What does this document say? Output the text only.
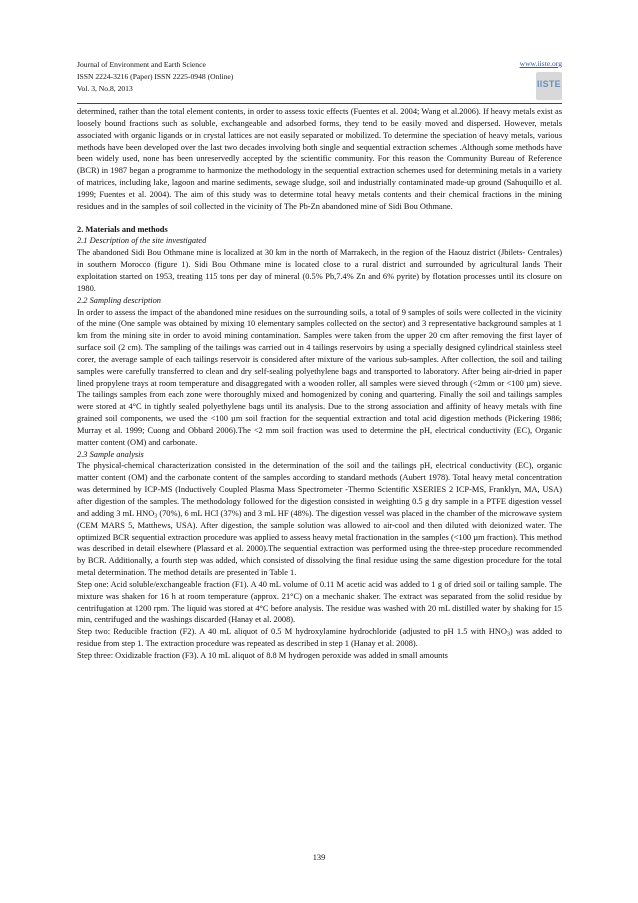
Journal of Environment and Earth Science
ISSN 2224-3216 (Paper) ISSN 2225-0948 (Online)
Vol. 3, No.8, 2013
www.iiste.org
IISTE

determined, rather than the total element contents, in order to assess toxic effects (Fuentes et al. 2004; Wang et al.2006). If heavy metals exist as loosely bound fractions such as soluble, exchangeable and adsorbed forms, they tend to be easily moved and dispersed. However, metals associated with organic ligands or in crystal lattices are not easily separated or mobilized. To determine the speciation of heavy metals, various methods have been developed over the last two decades involving both single and sequential extraction schemes .Although some methods have been widely used, none has been unreservedly accepted by the scientific community. For this reason the Community Bureau of Reference (BCR) in 1987 began a programme to harmonize the methodology in the sequential extraction schemes used for determining metals in a variety of matrices, including lake, lagoon and marine sediments, sewage sludge, soil and industrially contaminated made-up ground (Sahuquillo et al. 1999; Fuentes et al. 2004). The aim of this study was to determine total heavy metals contents and their chemical fractions in the mining residues and in the samples of soil collected in the vicinity of The Pb-Zn abandoned mine of Sidi Bou Othmane.

2. Materials and methods

2.1 Description of the site investigated

The abandoned Sidi Bou Othmane mine is localized at 30 km in the north of Marrakech, in the region of the Haouz district (Jbilets- Centrales) in southern Morocco (figure 1). Sidi Bou Othmane mine is located close to a rural district and surrounded by agricultural lands Their exploitation started on 1953, treating 115 tons per day of mineral (0.5% Pb,7.4% Zn and 6% pyrite) by flotation processes until its closure on 1980.

2.2 Sampling description

In order to assess the impact of the abandoned mine residues on the surrounding soils, a total of 9 samples of soils were collected in the vicinity of the mine (One sample was obtained by mixing 10 elementary samples collected on the sector) and 3 representative background samples at 1 km from the mining site in order to avoid mining contamination. Samples were taken from the upper 20 cm after removing the first layer of surface soil (2 cm). The sampling of the tailings was carried out in 4 tailings reservoirs by using a specially designed cylindrical stainless steel corer, the average sample of each tailings reservoir is considered after mixture of the various sub-samples. After collection, the soil and tailing samples were carefully transferred to clean and dry self-sealing polyethylene bags and transported to laboratory. After being air-dried in paper lined propylene trays at room temperature and disaggregated with a wooden roller, all samples were sieved through (<2mm or <100 µm) sieve. The tailings samples from each zone were thoroughly mixed and homogenized by coning and quartering. Finally the soil and tailings samples were stored at 4°C in tightly sealed polyethylene bags until its analysis. Due to the strong association and affinity of heavy metals with fine grained soil components, we used the <100 µm soil fraction for the sequential extraction and total acid digestion methods (Pickering 1986; Murray et al. 1999; Cuong and Obbard 2006).The <2 mm soil fraction was used to determine the pH, electrical conductivity (EC), Organic matter content (OM) and carbonate.

2.3 Sample analysis

The physical-chemical characterization consisted in the determination of the soil and the tailings pH, electrical conductivity (EC), organic matter content (OM) and the carbonate content of the samples according to standard methods (Aubert 1978). Total heavy metal concentration was determined by ICP-MS (Inductively Coupled Plasma Mass Spectrometer -Thermo Scientific XSERIES 2 ICP-MS, Franklyn, MA, USA) after digestion of the samples. The methodology followed for the digestion consisted in weighting 0.5 g dry sample in a PTFE digestion vessel and adding 3 mL $HNO_3$ (70%), 6 mL HCl (37%) and 3 mL HF (48%). The digestion vessel was placed in the chamber of the microwave system (CEM MARS 5, Matthews, USA). After digestion, the sample solution was allowed to air-cool and then diluted with deionized water. The optimized BCR sequential extraction procedure was applied to assess heavy metal fractionation in the samples (<100 µm fraction). This method was described in detail elsewhere (Plassard et al. 2000).The sequential extraction was performed using the three-step procedure recommended by BCR. Additionally, a fourth step was added, which consisted of dissolving the final residue using the same digestion procedure for the total metal determination. The method details are presented in Table 1.

Step one: Acid soluble/exchangeable fraction (F1). A 40 mL volume of 0.11 M acetic acid was added to 1 g of dried soil or tailing sample. The mixture was shaken for 16 h at room temperature (approx. 21°C) on a mechanic shaker. The extract was separated from the solid residue by centrifugation at 1200 rpm. The liquid was stored at 4°C before analysis. The residue was washed with 20 mL distilled water by shaking for 15 min, centrifuged and the washings discarded (Hanay et al. 2008).

Step two: Reducible fraction (F2). A 40 mL aliquot of 0.5 M hydroxylamine hydrochloride (adjusted to pH 1.5 with $HNO_3$) was added to residue from step 1. The extraction procedure was repeated as described in step 1 (Hanay et al. 2008).

Step three: Oxidizable fraction (F3). A 10 mL aliquot of 8.8 M hydrogen peroxide was added in small amounts

139
